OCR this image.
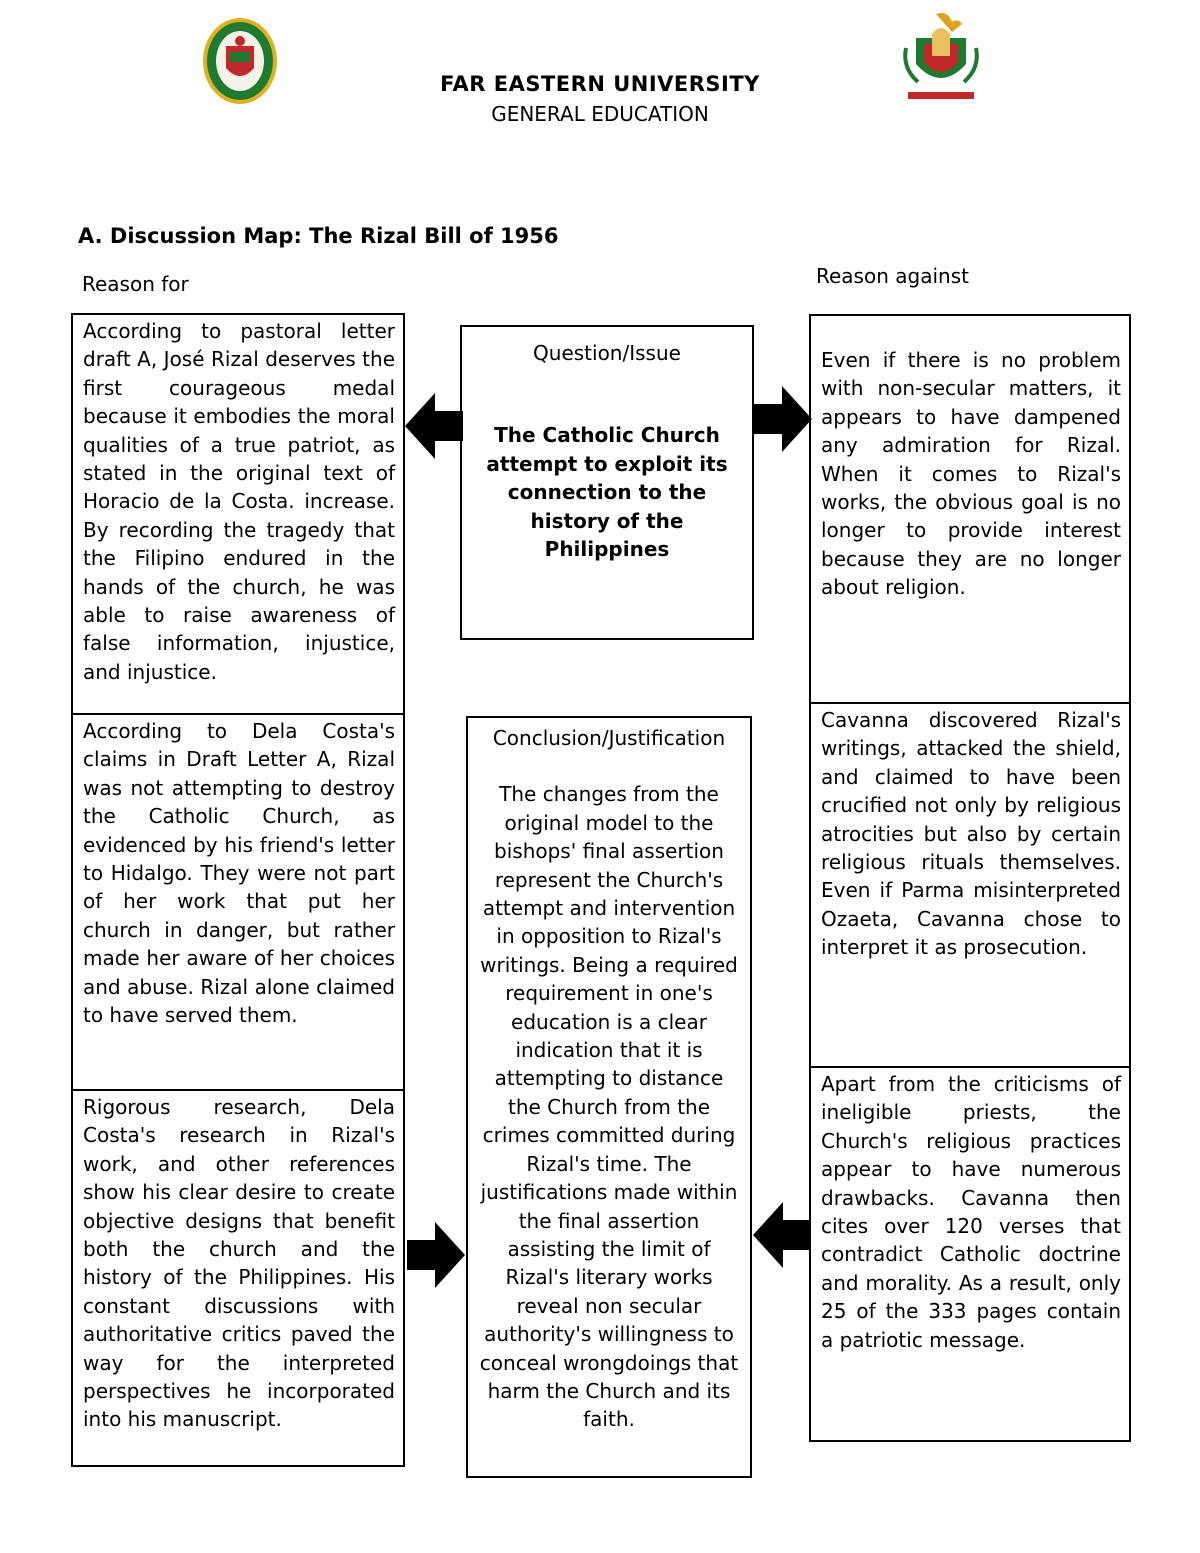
FAR EASTERN UNIVERSITY
GENERAL EDUCATION
A. Discussion Map: The Rizal Bill of 1956
Reason for	Reason against

According to pastoral letter draft A, José Rizal deserves the first courageous medal because it embodies the moral qualities of a true patriot, as stated in the original text of Horacio de la Costa. increase. By recording the tragedy that the Filipino endured in the hands of the church, he was able to raise awareness of false information, injustice, and injustice.

According to Dela Costa's claims in Draft Letter A, Rizal was not attempting to destroy the Catholic Church, as evidenced by his friend's letter to Hidalgo. They were not part of her work that put her church in danger, but rather made her aware of her choices and abuse. Rizal alone claimed to have served them.

Rigorous research, Dela Costa's research in Rizal's work, and other references show his clear desire to create objective designs that benefit both the church and the history of the Philippines. His constant discussions with authoritative critics paved the way for the interpreted perspectives he incorporated into his manuscript.

Question/Issue

The Catholic Church attempt to exploit its connection to the history of the Philippines

Conclusion/Justification

The changes from the original model to the bishops' final assertion represent the Church's attempt and intervention in opposition to Rizal's writings. Being a required requirement in one's education is a clear indication that it is attempting to distance the Church from the crimes committed during Rizal's time. The justifications made within the final assertion assisting the limit of Rizal's literary works reveal non secular authority's willingness to conceal wrongdoings that harm the Church and its faith.

Even if there is no problem with non-secular matters, it appears to have dampened any admiration for Rizal. When it comes to Rizal's works, the obvious goal is no longer to provide interest because they are no longer about religion.

Cavanna discovered Rizal's writings, attacked the shield, and claimed to have been crucified not only by religious atrocities but also by certain religious rituals themselves. Even if Parma misinterpreted Ozaeta, Cavanna chose to interpret it as prosecution.

Apart from the criticisms of ineligible priests, the Church's religious practices appear to have numerous drawbacks. Cavanna then cites over 120 verses that contradict Catholic doctrine and morality. As a result, only 25 of the 333 pages contain a patriotic message.
